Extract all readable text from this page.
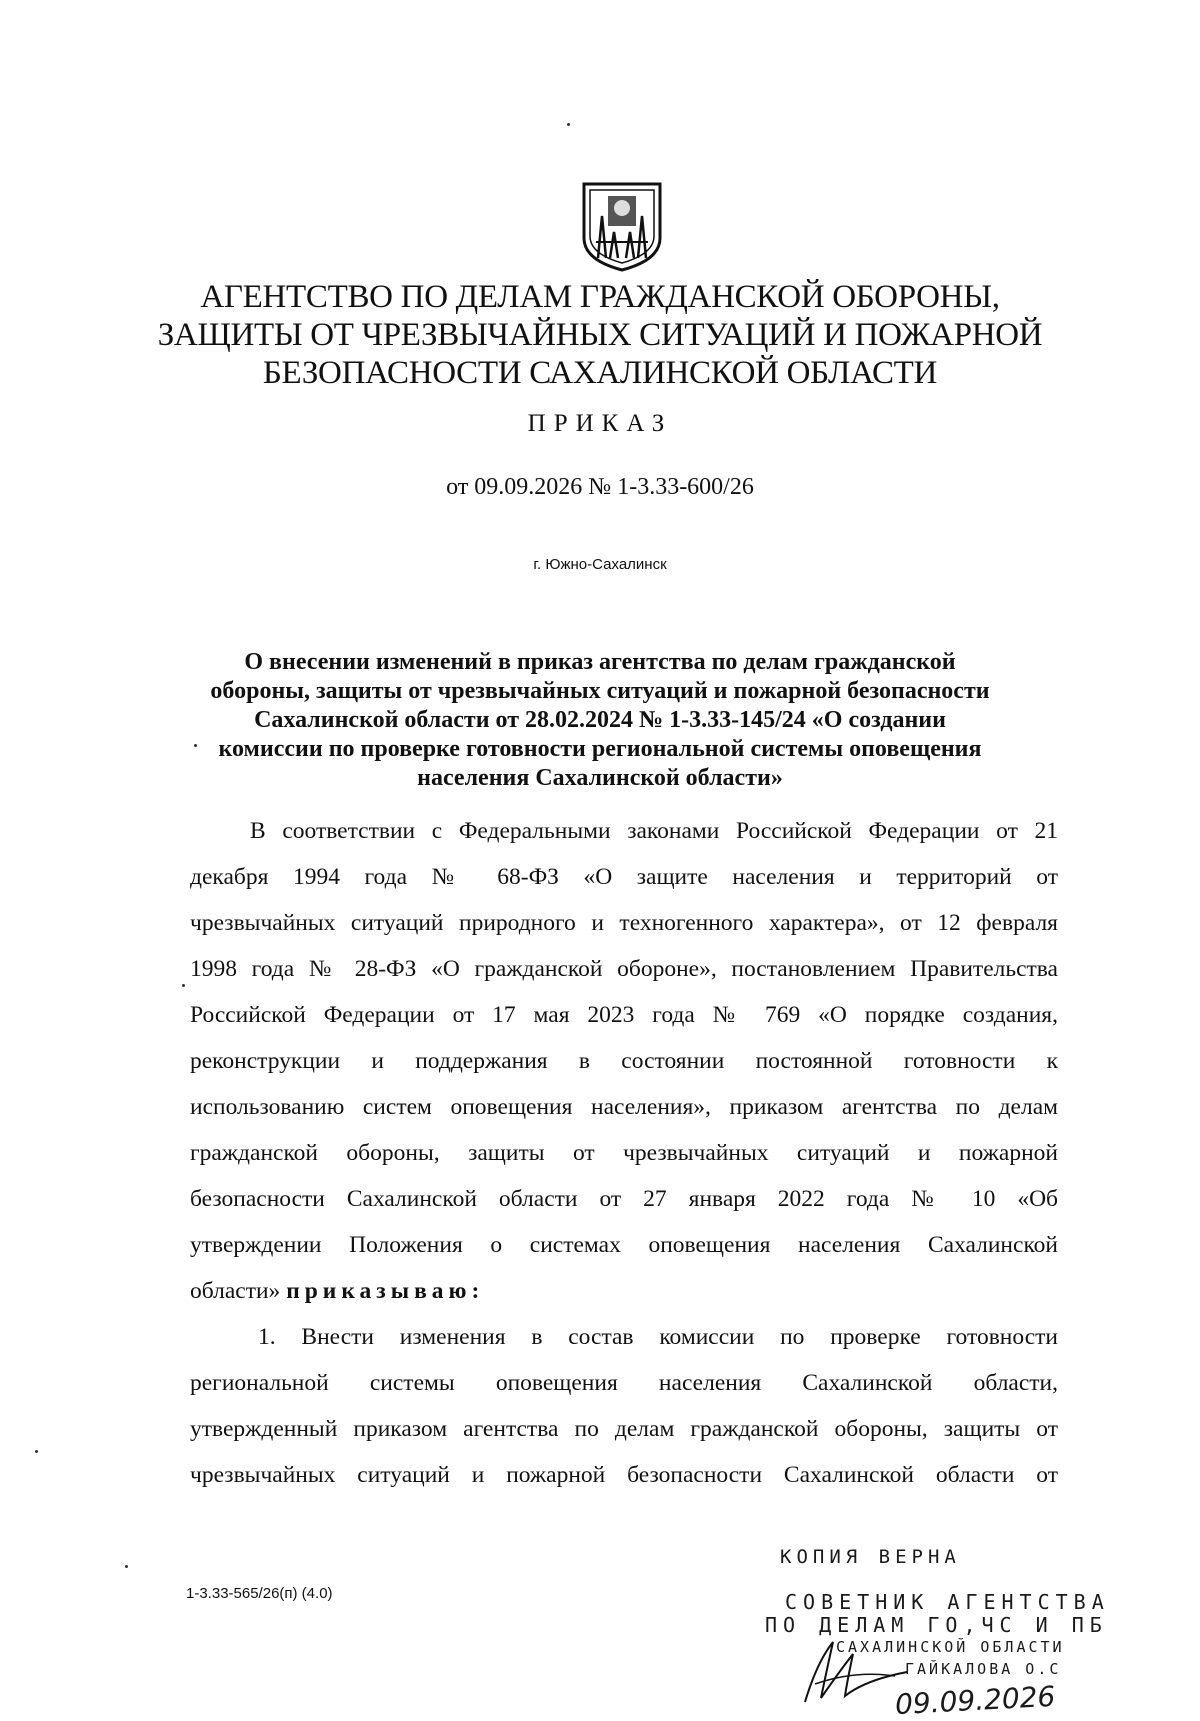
АГЕНТСТВО ПО ДЕЛАМ ГРАЖДАНСКОЙ ОБОРОНЫ,
ЗАЩИТЫ ОТ ЧРЕЗВЫЧАЙНЫХ СИТУАЦИЙ И ПОЖАРНОЙ
БЕЗОПАСНОСТИ САХАЛИНСКОЙ ОБЛАСТИ
ПРИКАЗ
от 09.09.2026 № 1-3.33-600/26
г. Южно-Сахалинск
О внесении изменений в приказ агентства по делам гражданской
обороны, защиты от чрезвычайных ситуаций и пожарной безопасности
Сахалинской области от 28.02.2024 № 1-3.33-145/24 «О создании
комиссии по проверке готовности региональной системы оповещения
населения Сахалинской области»
В соответствии с Федеральными законами Российской Федерации от 21
декабря 1994 года № 68-ФЗ «О защите населения и территорий от
чрезвычайных ситуаций природного и техногенного характера», от 12 февраля
1998 года № 28-ФЗ «О гражданской обороне», постановлением Правительства
Российской Федерации от 17 мая 2023 года № 769 «О порядке создания,
реконструкции и поддержания в состоянии постоянной готовности к
использованию систем оповещения населения», приказом агентства по делам
гражданской обороны, защиты от чрезвычайных ситуаций и пожарной
безопасности Сахалинской области от 27 января 2022 года № 10 «Об
утверждении Положения о системах оповещения населения Сахалинской
области» приказываю:
1. Внести изменения в состав комиссии по проверке готовности
региональной системы оповещения населения Сахалинской области,
утвержденный приказом агентства по делам гражданской обороны, защиты от
чрезвычайных ситуаций и пожарной безопасности Сахалинской области от
1-3.33-565/26(п) (4.0)
КОПИЯ ВЕРНА
СОВЕТНИК АГЕНТСТВА
ПО ДЕЛАМ ГО,ЧС И ПБ
САХАЛИНСКОЙ ОБЛАСТИ
ГАЙКАЛОВА О.С
09.09.2026
